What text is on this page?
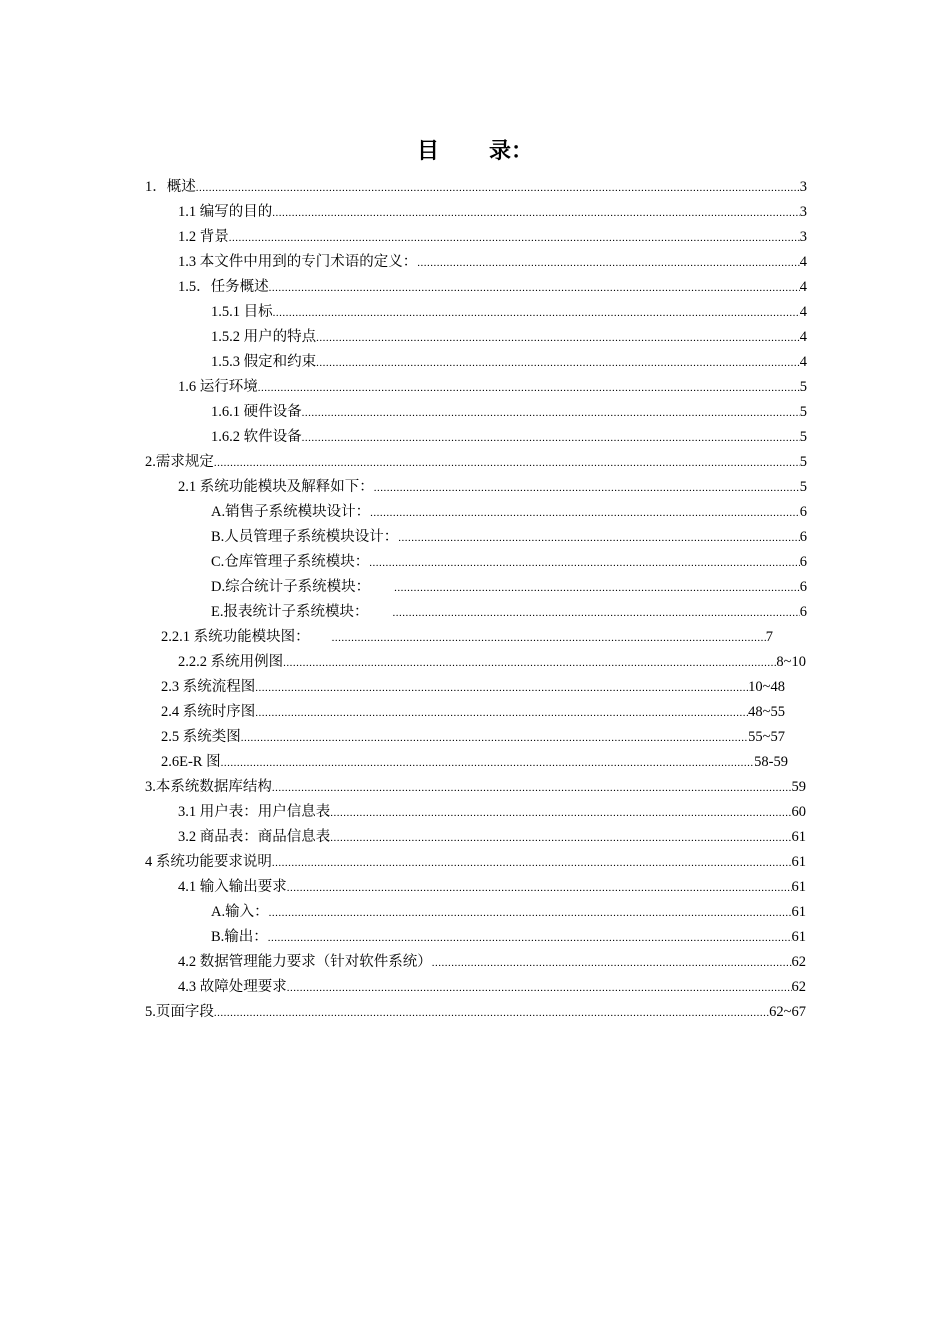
目 录：
1．概述 .....	3
1.1 编写的目的 .....	3
1.2 背景 .....	3
1.3 本文件中用到的专门术语的定义： .....	4
1.5．任务概述 .....	4
1.5.1 目标 .....	4
1.5.2 用户的特点 .....	4
1.5.3 假定和约束 .....	4
1.6 运行环境 .....	5
1.6.1 硬件设备 .....	5
1.6.2 软件设备 .....	5
2.需求规定 .....	5
2.1 系统功能模块及解释如下： .....	5
A.销售子系统模块设计： .....	6
B.人员管理子系统模块设计： .....	6
C.仓库管理子系统模块： .....	6
D.综合统计子系统模块： .....	6
E.报表统计子系统模块： .....	6
2.2.1 系统功能模块图： .....	7
2.2.2 系统用例图 .....	8~10
2.3 系统流程图 .....	10~48
2.4 系统时序图 .....	48~55
2.5 系统类图 .....	55~57
2.6E-R 图 .....	58-59
3.本系统数据库结构 .....	59
3.1 用户表：用户信息表 .....	60
3.2 商品表：商品信息表 .....	61
4 系统功能要求说明 .....	61
4.1 输入输出要求 .....	61
A.输入： .....	61
B.输出： .....	61
4.2 数据管理能力要求（针对软件系统） .....	62
4.3 故障处理要求 .....	62
5.页面字段 .....	62~67
